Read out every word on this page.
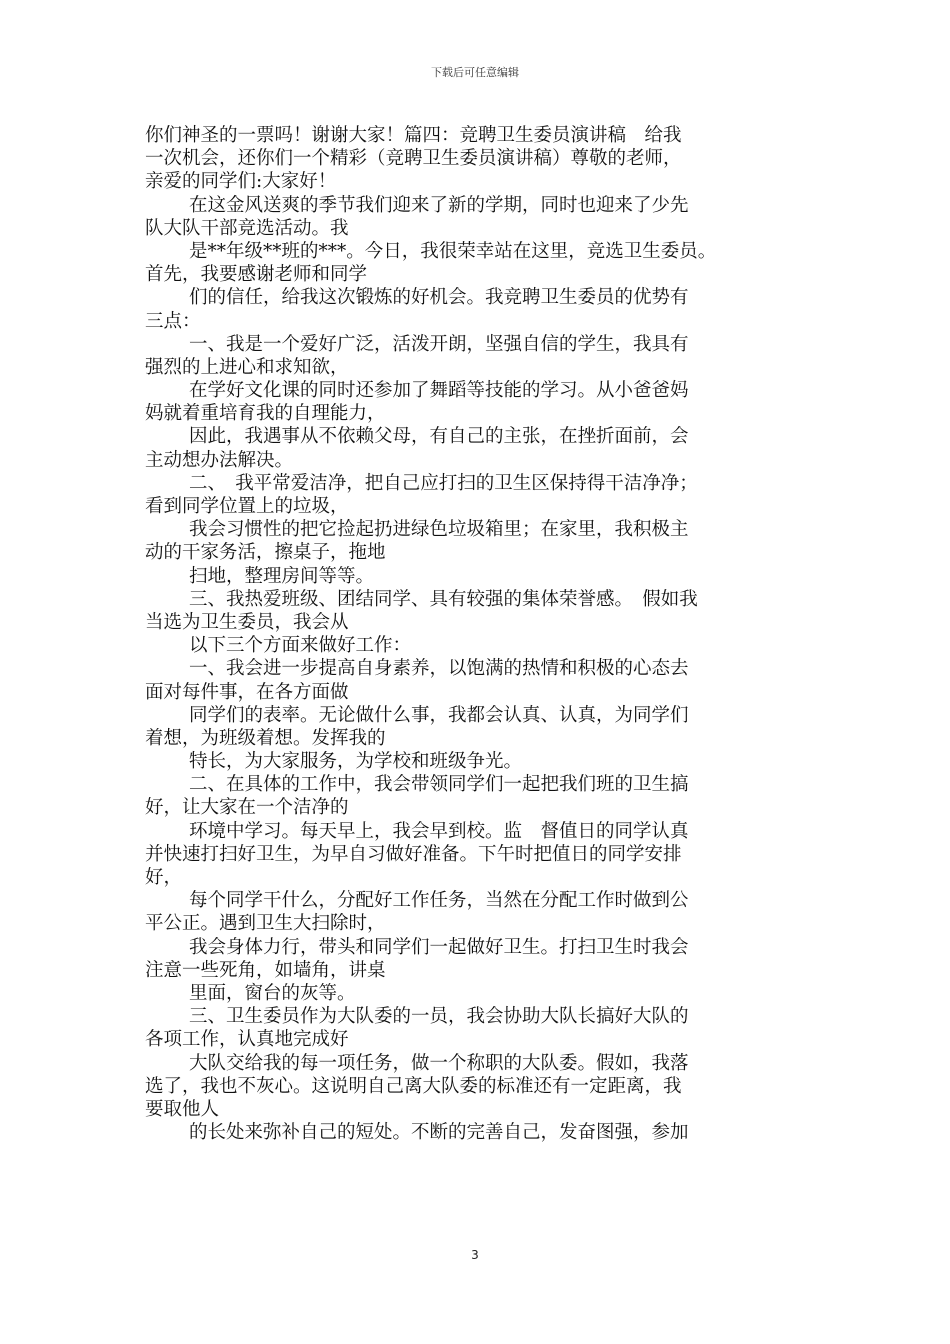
下载后可任意编辑
你们神圣的一票吗！谢谢大家！篇四：竞聘卫生委员演讲稿　给我
一次机会，还你们一个精彩（竞聘卫生委员演讲稿）尊敬的老师，
亲爱的同学们:大家好！
在这金风送爽的季节我们迎来了新的学期，同时也迎来了少先
队大队干部竞选活动。我
是**年级**班的***。今日，我很荣幸站在这里，竞选卫生委员。
首先，我要感谢老师和同学
们的信任，给我这次锻炼的好机会。我竞聘卫生委员的优势有
三点：
一、我是一个爱好广泛，活泼开朗，坚强自信的学生，我具有
强烈的上进心和求知欲，
在学好文化课的同时还参加了舞蹈等技能的学习。从小爸爸妈
妈就着重培育我的自理能力，
因此，我遇事从不依赖父母，有自己的主张，在挫折面前，会
主动想办法解决。
二、　我平常爱洁净，把自己应打扫的卫生区保持得干洁净净；
看到同学位置上的垃圾，
我会习惯性的把它捡起扔进绿色垃圾箱里；在家里，我积极主
动的干家务活，擦桌子，拖地
扫地，整理房间等等。
三、我热爱班级、团结同学、具有较强的集体荣誉感。　假如我
当选为卫生委员，我会从
以下三个方面来做好工作：
一、我会进一步提高自身素养，以饱满的热情和积极的心态去
面对每件事，在各方面做
同学们的表率。无论做什么事，我都会认真、认真，为同学们
着想，为班级着想。发挥我的
特长，为大家服务，为学校和班级争光。
二、在具体的工作中，我会带领同学们一起把我们班的卫生搞
好，让大家在一个洁净的
环境中学习。每天早上，我会早到校。监　督值日的同学认真
并快速打扫好卫生，为早自习做好准备。下午时把值日的同学安排
好，
每个同学干什么，分配好工作任务，当然在分配工作时做到公
平公正。遇到卫生大扫除时，
我会身体力行，带头和同学们一起做好卫生。打扫卫生时我会
注意一些死角，如墙角，讲桌
里面，窗台的灰等。
三、卫生委员作为大队委的一员，我会协助大队长搞好大队的
各项工作，认真地完成好
大队交给我的每一项任务，做一个称职的大队委。假如，我落
选了，我也不灰心。这说明自己离大队委的标准还有一定距离，我
要取他人
的长处来弥补自己的短处。不断的完善自己，发奋图强，参加
3
